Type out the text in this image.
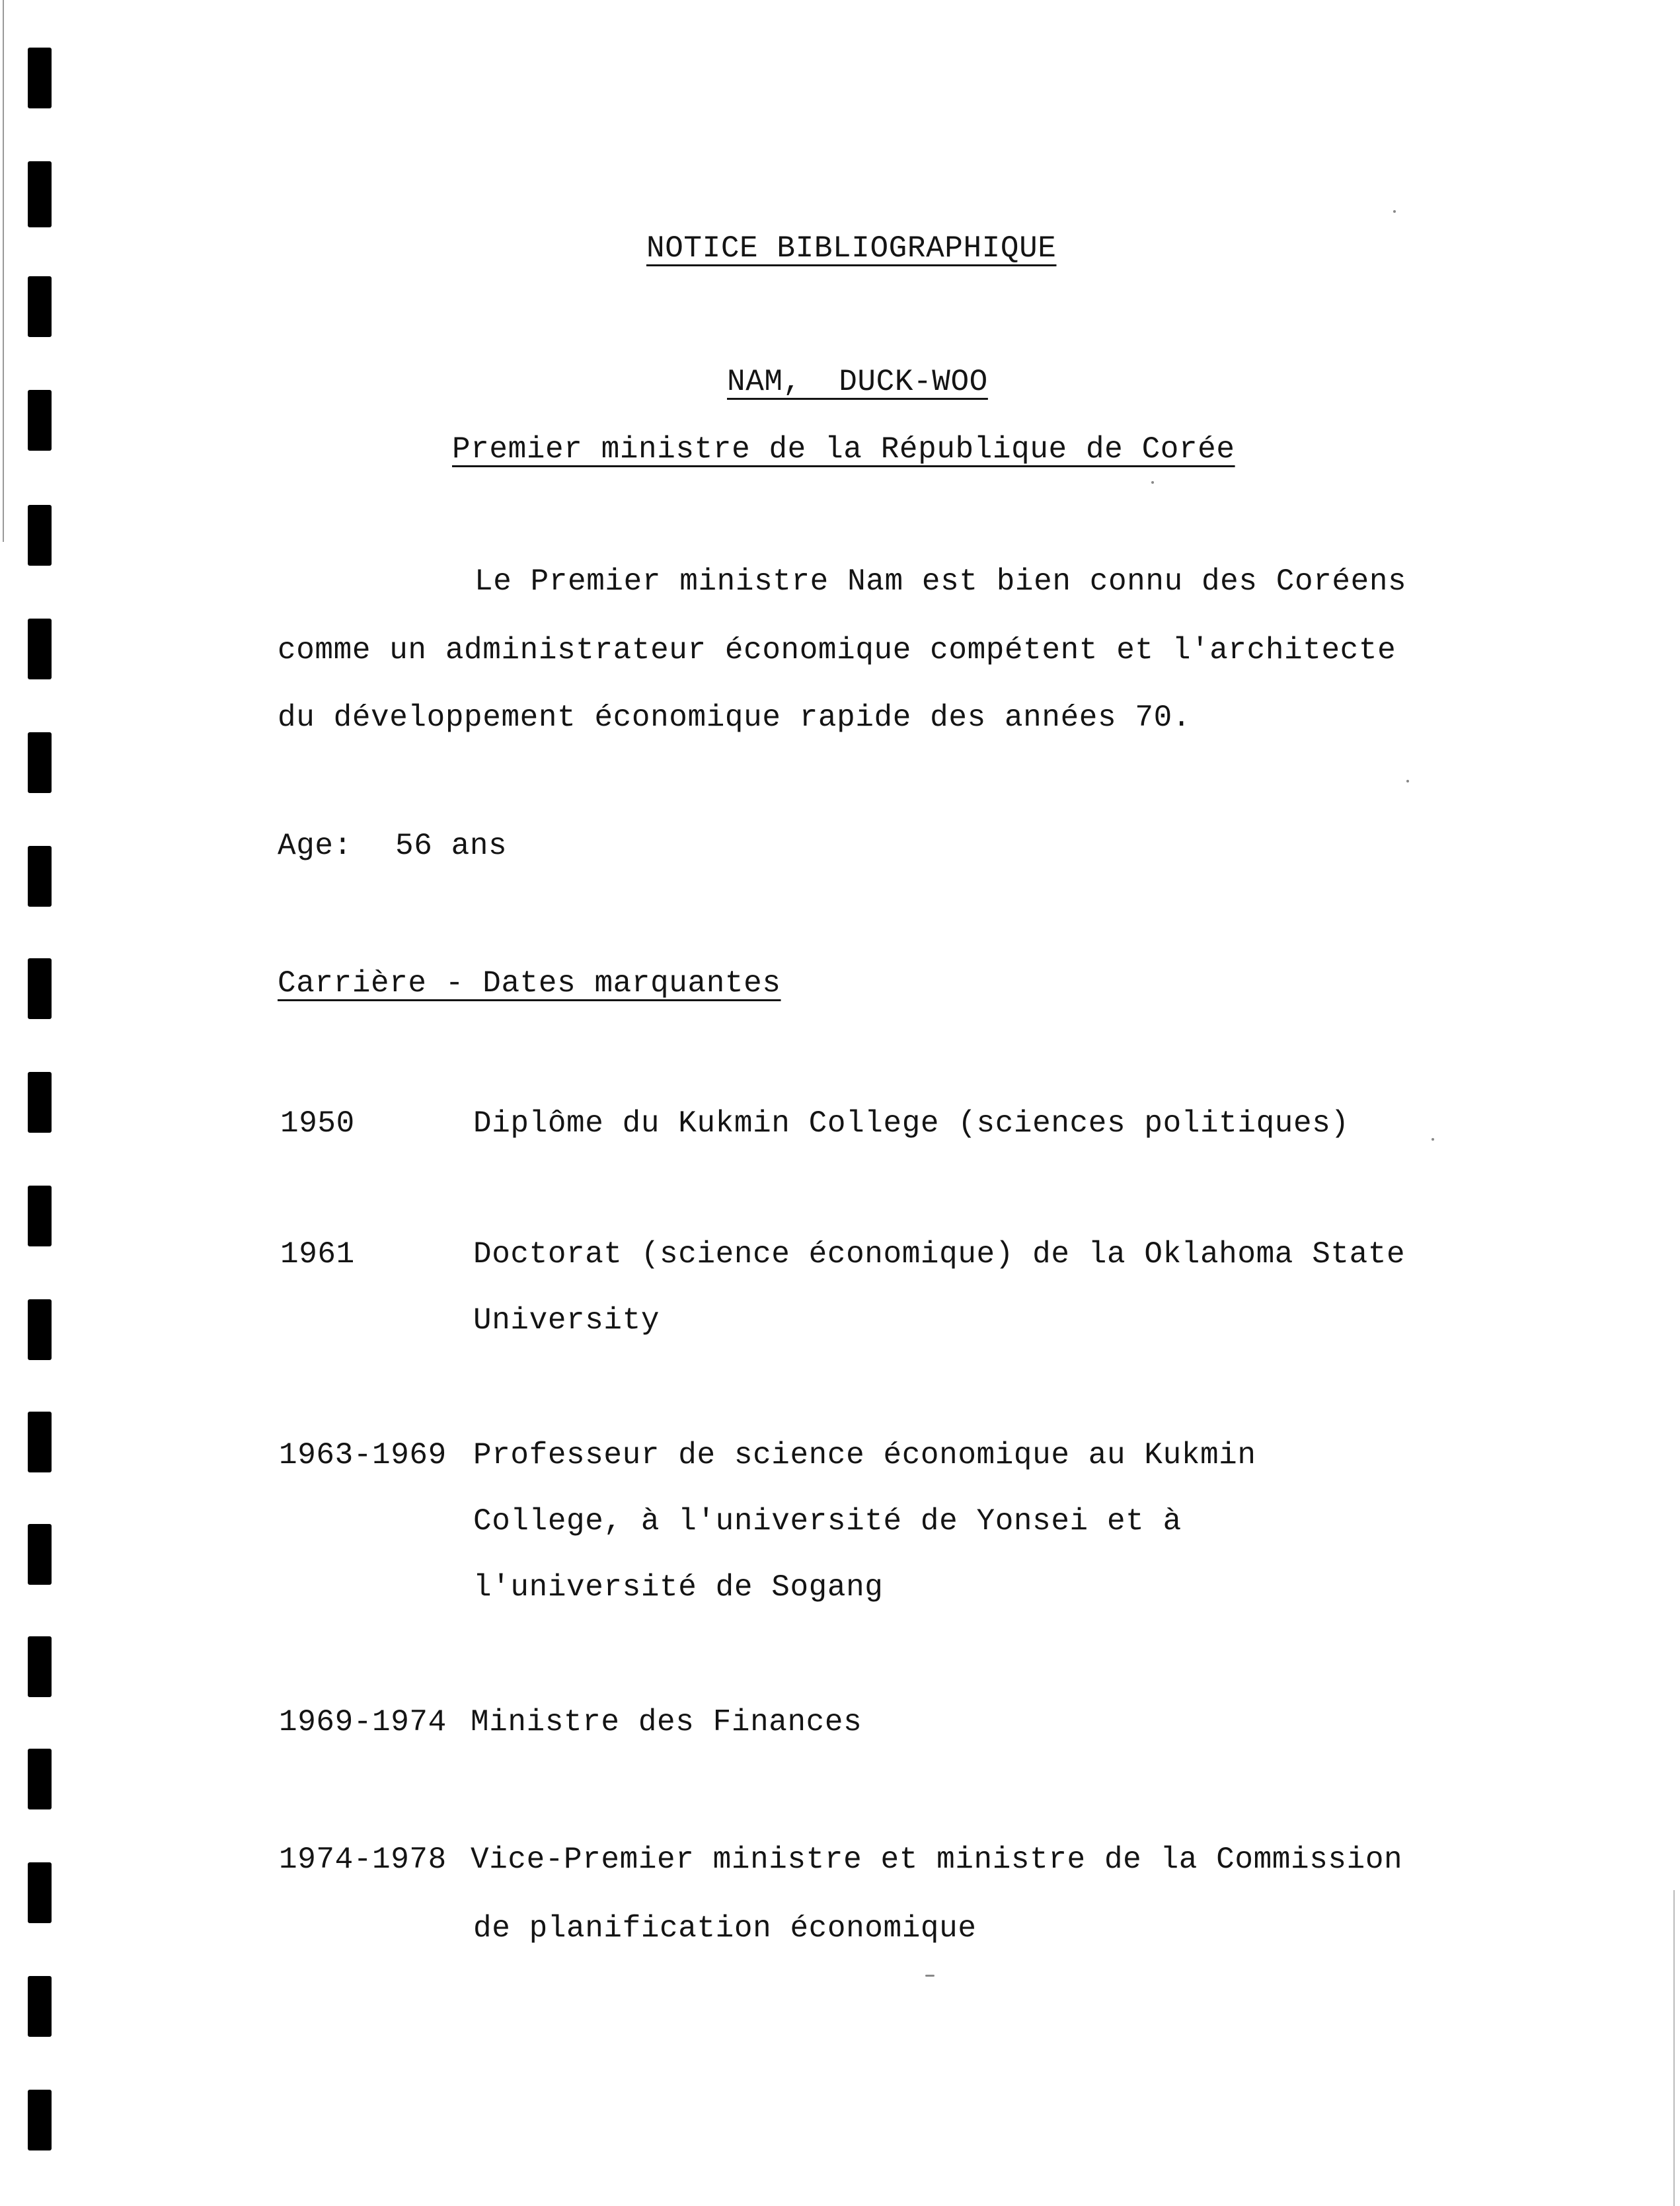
NOTICE BIBLIOGRAPHIQUE
NAM,  DUCK-WOO
Premier ministre de la République de Corée
Le Premier ministre Nam est bien connu des Coréens
comme un administrateur économique compétent et l'architecte
du développement économique rapide des années 70.
Age: 56 ans
Carrière - Dates marquantes
1950	Diplôme du Kukmin College (sciences politiques)
1961	Doctorat (science économique) de la Oklahoma State
University
1963-1969 Professeur de science économique au Kukmin
College, à l'université de Yonsei et à
l'université de Sogang
1969-1974 Ministre des Finances
1974-1978 Vice-Premier ministre et ministre de la Commission
de planification économique
